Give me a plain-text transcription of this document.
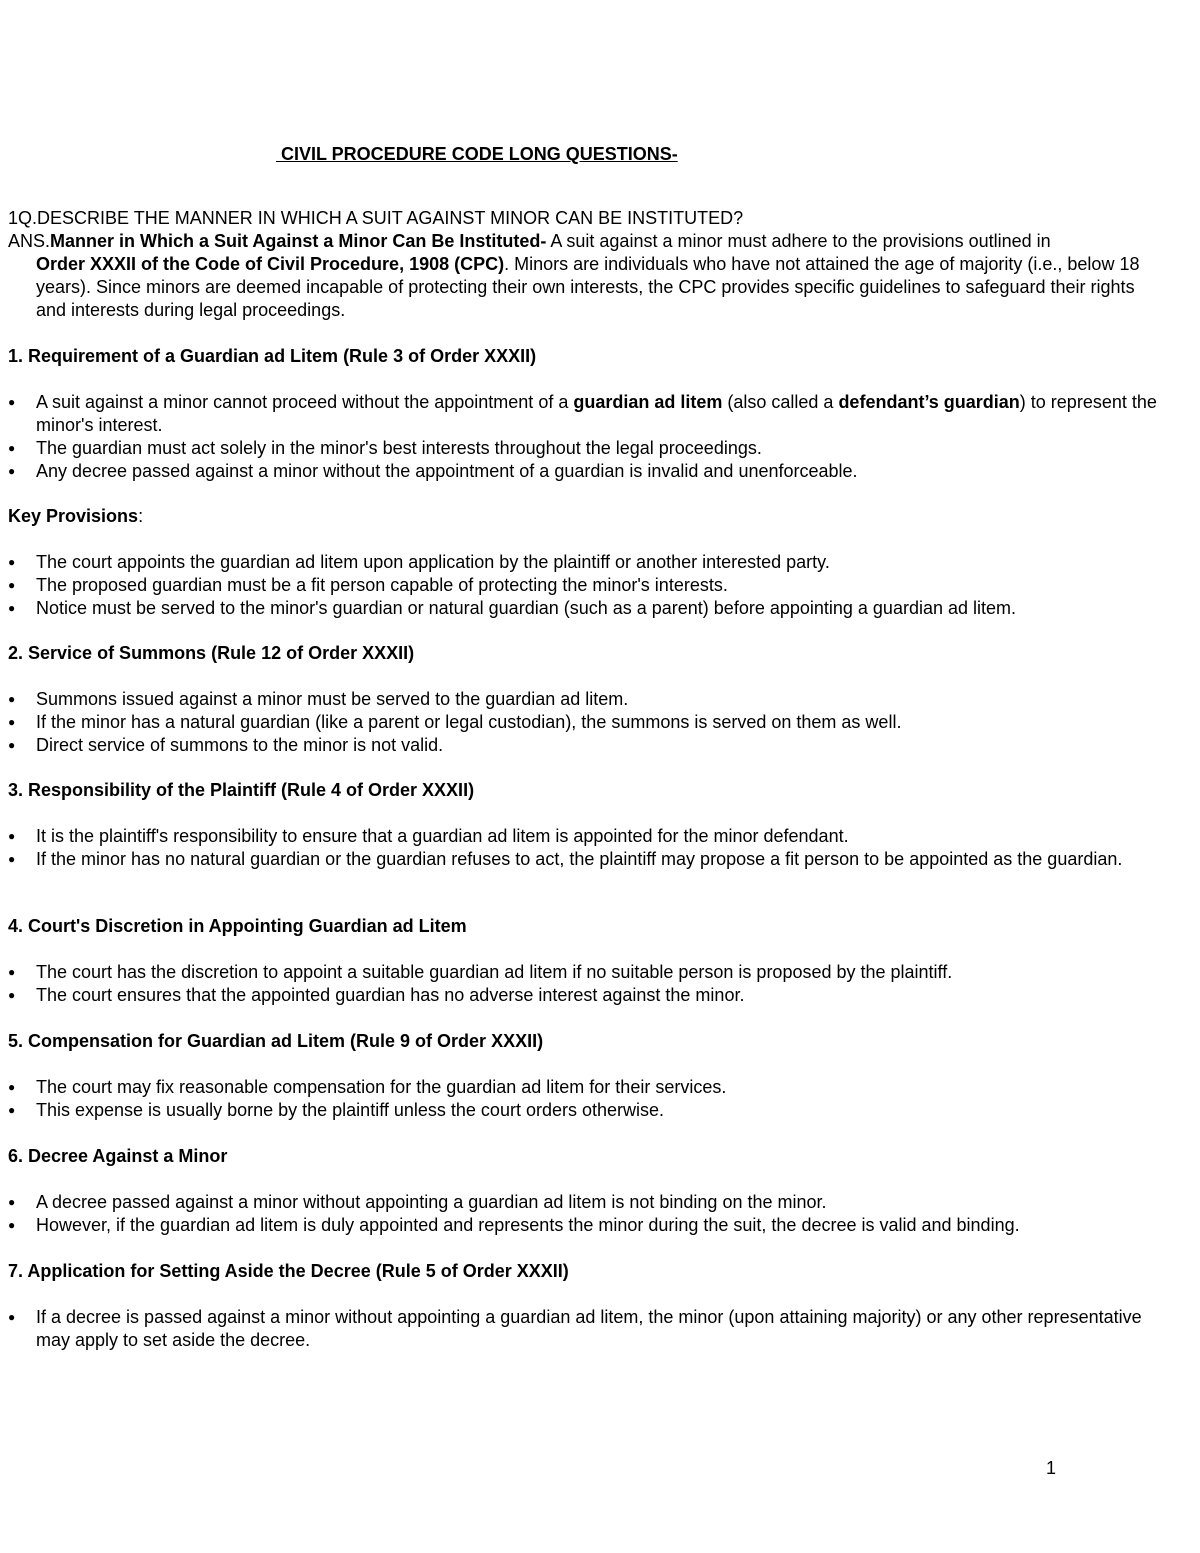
CIVIL PROCEDURE CODE LONG QUESTIONS-
1Q.DESCRIBE THE MANNER IN WHICH A SUIT AGAINST MINOR CAN BE INSTITUTED?
ANS.Manner in Which a Suit Against a Minor Can Be Instituted- A suit against a minor must adhere to the provisions outlined in
Order XXXII of the Code of Civil Procedure, 1908 (CPC). Minors are individuals who have not attained the age of majority (i.e., below 18 years). Since minors are deemed incapable of protecting their own interests, the CPC provides specific guidelines to safeguard their rights and interests during legal proceedings.
1. Requirement of a Guardian ad Litem (Rule 3 of Order XXXII)
●	A suit against a minor cannot proceed without the appointment of a guardian ad litem (also called a defendant’s guardian) to represent the minor's interest.
●	The guardian must act solely in the minor's best interests throughout the legal proceedings.
●	Any decree passed against a minor without the appointment of a guardian is invalid and unenforceable.
Key Provisions:
●	The court appoints the guardian ad litem upon application by the plaintiff or another interested party.
●	The proposed guardian must be a fit person capable of protecting the minor's interests.
●	Notice must be served to the minor's guardian or natural guardian (such as a parent) before appointing a guardian ad litem.
2. Service of Summons (Rule 12 of Order XXXII)
●	Summons issued against a minor must be served to the guardian ad litem.
●	If the minor has a natural guardian (like a parent or legal custodian), the summons is served on them as well.
●	Direct service of summons to the minor is not valid.
3. Responsibility of the Plaintiff (Rule 4 of Order XXXII)
●	It is the plaintiff's responsibility to ensure that a guardian ad litem is appointed for the minor defendant.
●	If the minor has no natural guardian or the guardian refuses to act, the plaintiff may propose a fit person to be appointed as the guardian.
4. Court's Discretion in Appointing Guardian ad Litem
●	The court has the discretion to appoint a suitable guardian ad litem if no suitable person is proposed by the plaintiff.
●	The court ensures that the appointed guardian has no adverse interest against the minor.
5. Compensation for Guardian ad Litem (Rule 9 of Order XXXII)
●	The court may fix reasonable compensation for the guardian ad litem for their services.
●	This expense is usually borne by the plaintiff unless the court orders otherwise.
6. Decree Against a Minor
●	A decree passed against a minor without appointing a guardian ad litem is not binding on the minor.
●	However, if the guardian ad litem is duly appointed and represents the minor during the suit, the decree is valid and binding.
7. Application for Setting Aside the Decree (Rule 5 of Order XXXII)
●	If a decree is passed against a minor without appointing a guardian ad litem, the minor (upon attaining majority) or any other representative may apply to set aside the decree.
1
